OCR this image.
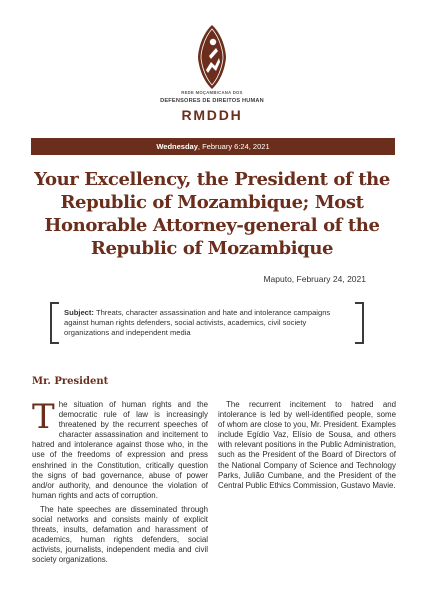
REDE MOÇAMBICANA DOS
DEFENSORES DE DIREITOS HUMAN
RMDDH
Wednesday, February 6:24, 2021
Your Excellency, the President of the Republic of Mozambique; Most Honorable Attorney-general of the Republic of Mozambique
Maputo, February 24, 2021
Subject: Threats, character assassination and hate and intolerance campaigns against human rights defenders, social activists, academics, civil society organizations and independent media
Mr. President

The situation of human rights and the democratic rule of law is increasingly threatened by the recurrent speeches of character assassination and incitement to hatred and intolerance against those who, in the use of the freedoms of expression and press enshrined in the Constitution, critically question the signs of bad governance, abuse of power and/or authority, and denounce the violation of human rights and acts of corruption.

The hate speeches are disseminated through social networks and consists mainly of explicit threats, insults, defamation and harassment of academics, human rights defenders, social activists, journalists, independent media and civil society organizations.

The recurrent incitement to hatred and intolerance is led by well-identified people, some of whom are close to you, Mr. President. Examples include Egídio Vaz, Elísio de Sousa, and others with relevant positions in the Public Administration, such as the President of the Board of Directors of the National Company of Science and Technology Parks, Julião Cumbane, and the President of the Central Public Ethics Commission, Gustavo Mavie.
